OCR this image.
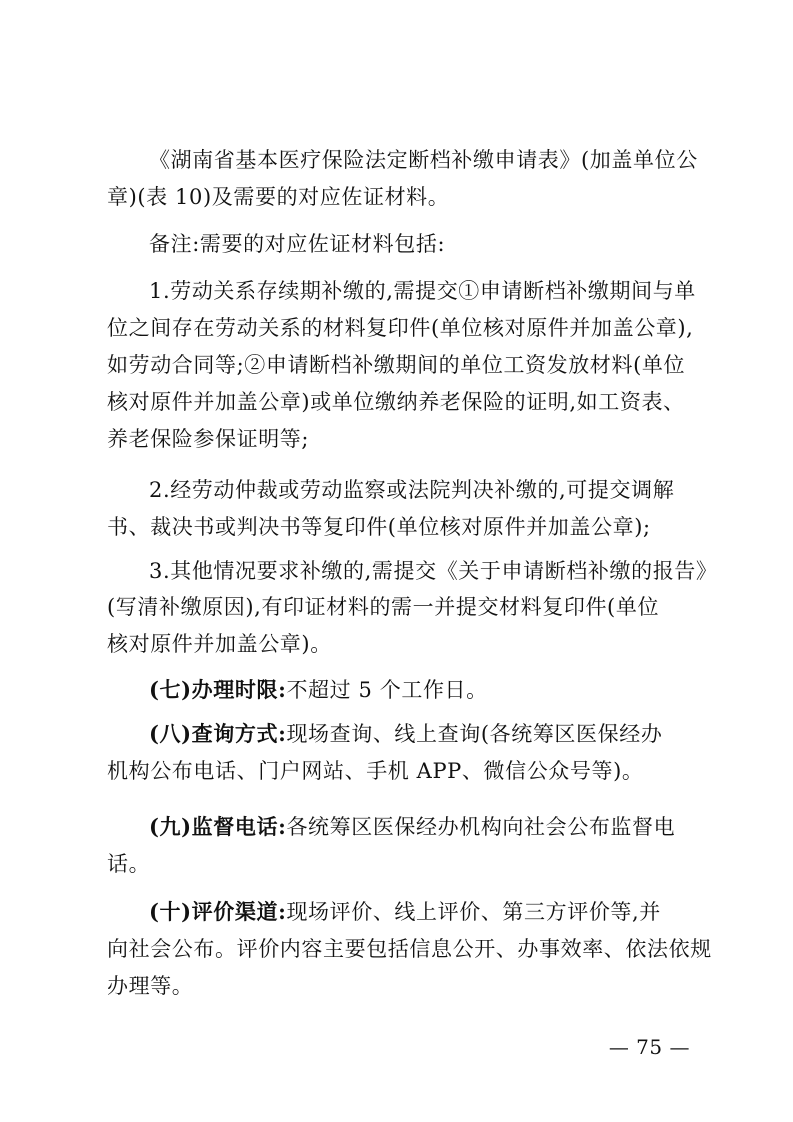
《湖南省基本医疗保险法定断档补缴申请表》(加盖单位公
章)(表 10)及需要的对应佐证材料。
备注:需要的对应佐证材料包括:
1.劳动关系存续期补缴的,需提交①申请断档补缴期间与单
位之间存在劳动关系的材料复印件(单位核对原件并加盖公章),
如劳动合同等;②申请断档补缴期间的单位工资发放材料(单位
核对原件并加盖公章)或单位缴纳养老保险的证明,如工资表、
养老保险参保证明等;
2.经劳动仲裁或劳动监察或法院判决补缴的,可提交调解
书、裁决书或判决书等复印件(单位核对原件并加盖公章);
3.其他情况要求补缴的,需提交《关于申请断档补缴的报告》
(写清补缴原因),有印证材料的需一并提交材料复印件(单位
核对原件并加盖公章)。
(七)办理时限:不超过 5 个工作日。
(八)查询方式:现场查询、线上查询(各统筹区医保经办
机构公布电话、门户网站、手机 APP、微信公众号等)。
(九)监督电话:各统筹区医保经办机构向社会公布监督电
话。
(十)评价渠道:现场评价、线上评价、第三方评价等,并
向社会公布。评价内容主要包括信息公开、办事效率、依法依规
办理等。
— 75 —
